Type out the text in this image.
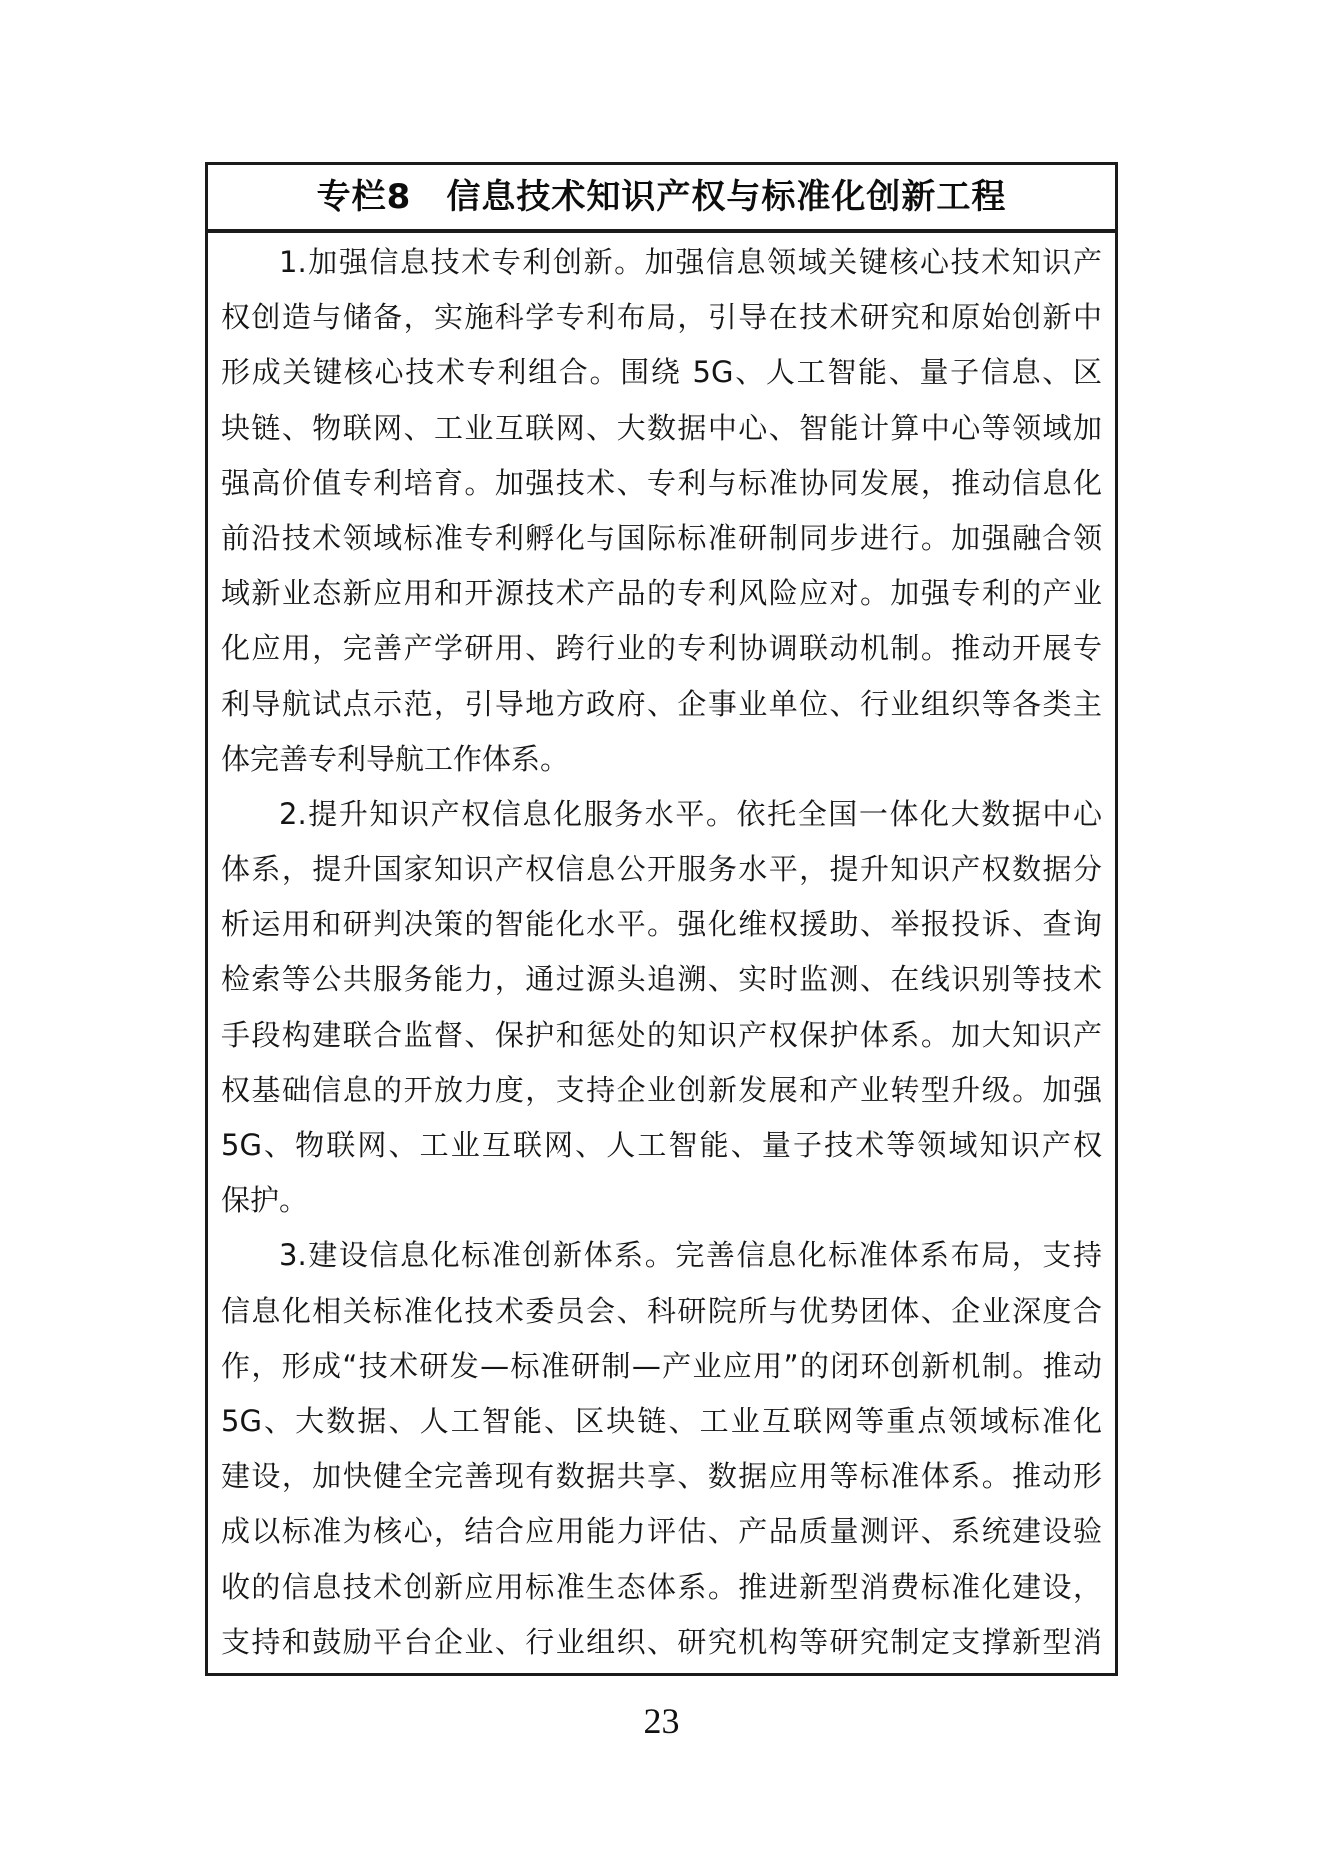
专栏8　信息技术知识产权与标准化创新工程
1.加强信息技术专利创新。加强信息领域关键核心技术知识产
权创造与储备，实施科学专利布局，引导在技术研究和原始创新中
形成关键核心技术专利组合。围绕 5G、人工智能、量子信息、区
块链、物联网、工业互联网、大数据中心、智能计算中心等领域加
强高价值专利培育。加强技术、专利与标准协同发展，推动信息化
前沿技术领域标准专利孵化与国际标准研制同步进行。加强融合领
域新业态新应用和开源技术产品的专利风险应对。加强专利的产业
化应用，完善产学研用、跨行业的专利协调联动机制。推动开展专
利导航试点示范，引导地方政府、企事业单位、行业组织等各类主
体完善专利导航工作体系。
2.提升知识产权信息化服务水平。依托全国一体化大数据中心
体系，提升国家知识产权信息公开服务水平，提升知识产权数据分
析运用和研判决策的智能化水平。强化维权援助、举报投诉、查询
检索等公共服务能力，通过源头追溯、实时监测、在线识别等技术
手段构建联合监督、保护和惩处的知识产权保护体系。加大知识产
权基础信息的开放力度，支持企业创新发展和产业转型升级。加强
5G、物联网、工业互联网、人工智能、量子技术等领域知识产权
保护。
3.建设信息化标准创新体系。完善信息化标准体系布局，支持
信息化相关标准化技术委员会、科研院所与优势团体、企业深度合
作，形成“技术研发—标准研制—产业应用”的闭环创新机制。推动
5G、大数据、人工智能、区块链、工业互联网等重点领域标准化
建设，加快健全完善现有数据共享、数据应用等标准体系。推动形
成以标准为核心，结合应用能力评估、产品质量测评、系统建设验
收的信息技术创新应用标准生态体系。推进新型消费标准化建设，
支持和鼓励平台企业、行业组织、研究机构等研究制定支撑新型消
23
